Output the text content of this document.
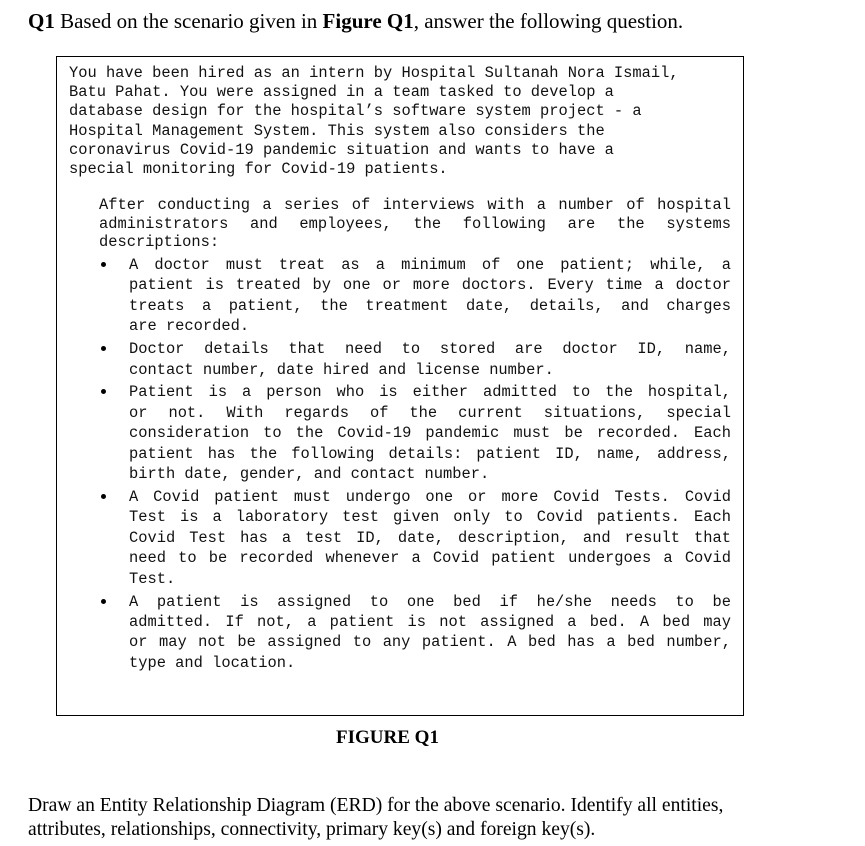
Q1 Based on the scenario given in Figure Q1, answer the following question.
You have been hired as an intern by Hospital Sultanah Nora Ismail,
Batu Pahat. You were assigned in a team tasked to develop a
database design for the hospital’s software system project - a
Hospital Management System. This system also considers the
coronavirus Covid-19 pandemic situation and wants to have a
special monitoring for Covid-19 patients.
After conducting a series of interviews with a number of hospital
administrators and employees, the following are the systems
descriptions:
A doctor must treat as a minimum of one patient; while, a
patient is treated by one or more doctors. Every time a doctor
treats a patient, the treatment date, details, and charges
are recorded.
Doctor details that need to stored are doctor ID, name,
contact number, date hired and license number.
Patient is a person who is either admitted to the hospital,
or not. With regards of the current situations, special
consideration to the Covid-19 pandemic must be recorded. Each
patient has the following details: patient ID, name, address,
birth date, gender, and contact number.
A Covid patient must undergo one or more Covid Tests. Covid
Test is a laboratory test given only to Covid patients. Each
Covid Test has a test ID, date, description, and result that
need to be recorded whenever a Covid patient undergoes a Covid
Test.
A patient is assigned to one bed if he/she needs to be
admitted. If not, a patient is not assigned a bed. A bed may
or may not be assigned to any patient. A bed has a bed number,
type and location.
FIGURE Q1
Draw an Entity Relationship Diagram (ERD) for the above scenario. Identify all entities,
attributes, relationships, connectivity, primary key(s) and foreign key(s).
